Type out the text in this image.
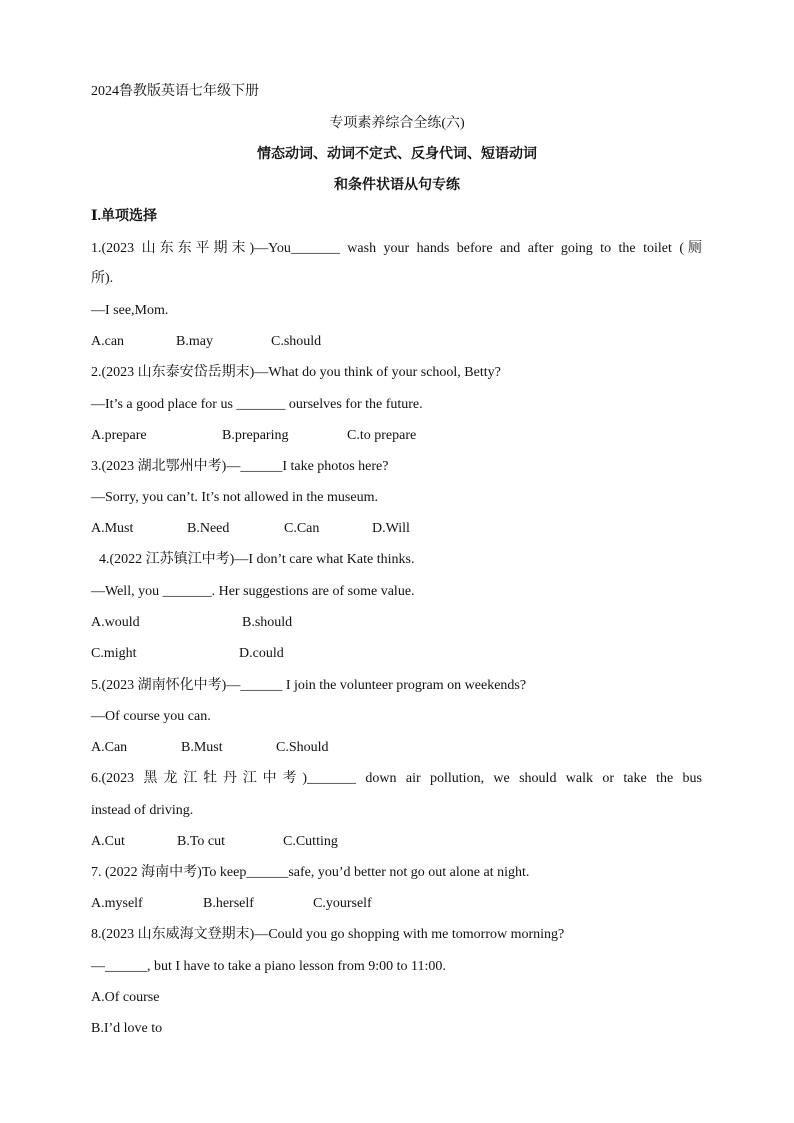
2024鲁教版英语七年级下册
专项素养综合全练(六)
情态动词、动词不定式、反身代词、短语动词
和条件状语从句专练
Ⅰ.单项选择
1.(2023 山东东平期末)—You_______ wash your hands before and after going to the toilet (厕
所).
—I see,Mom.
A.can	B.may	C.should
2.(2023 山东泰安岱岳期末)—What do you think of your school, Betty?
—It’s a good place for us _______ ourselves for the future.
A.prepare	B.preparing	C.to prepare
3.(2023 湖北鄂州中考)—______I take photos here?
—Sorry, you can’t. It’s not allowed in the museum.
A.Must	B.Need	C.Can	D.Will
4.(2022 江苏镇江中考)—I don’t care what Kate thinks.
—Well, you _______. Her suggestions are of some value.
A.would	B.should
C.might	D.could
5.(2023 湖南怀化中考)—______ I join the volunteer program on weekends?
—Of course you can.
A.Can	B.Must	C.Should
6.(2023 黑龙江牡丹江中考)_______ down air pollution, we should walk or take the bus
instead of driving.
A.Cut	B.To cut	C.Cutting
7. (2022 海南中考)To keep______safe, you’d better not go out alone at night.
A.myself	B.herself	C.yourself
8.(2023 山东威海文登期末)—Could you go shopping with me tomorrow morning?
—______, but I have to take a piano lesson from 9:00 to 11:00.
A.Of course
B.I’d love to
